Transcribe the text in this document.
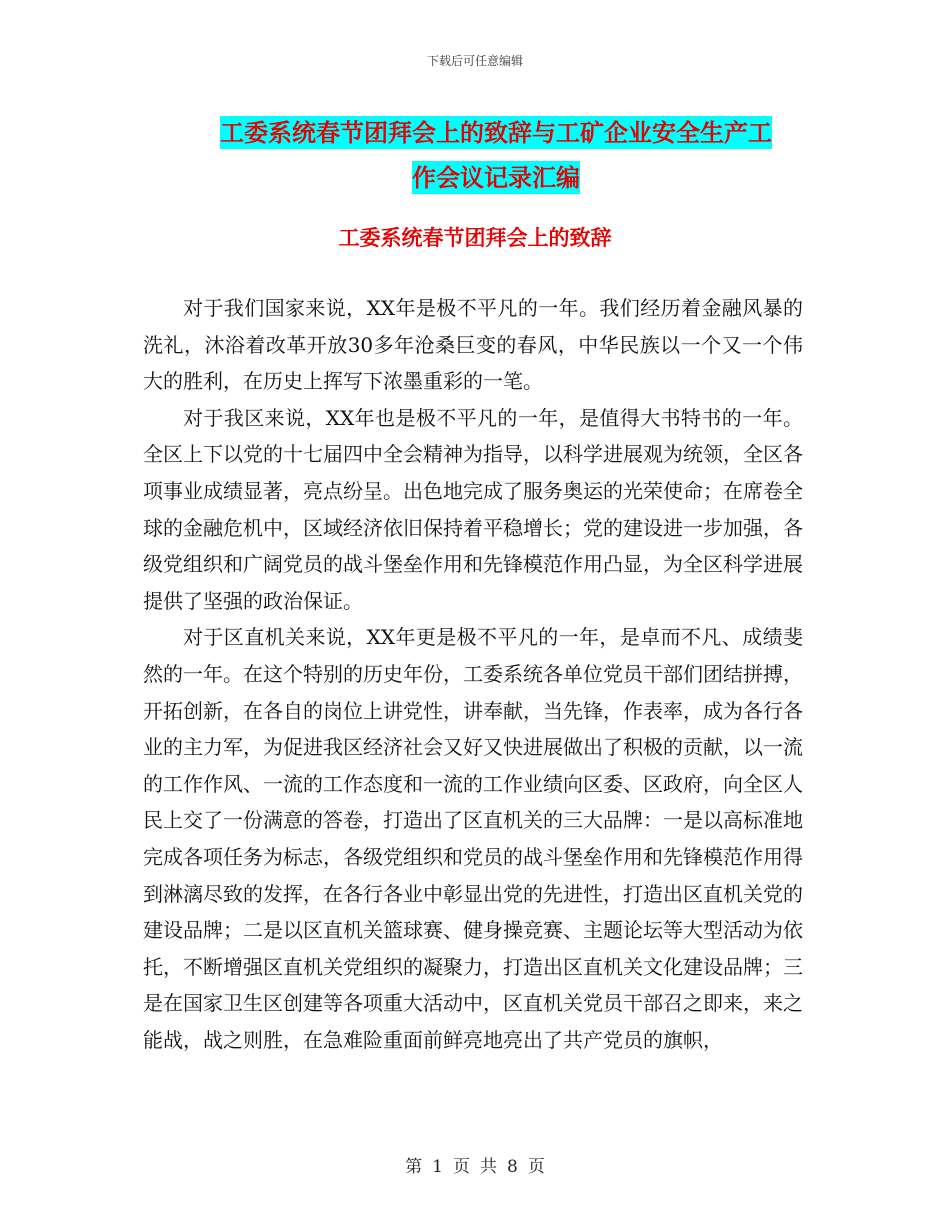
下载后可任意编辑
工委系统春节团拜会上的致辞与工矿企业安全生产工
作会议记录汇编
工委系统春节团拜会上的致辞

对于我们国家来说，XX年是极不平凡的一年。我们经历着金融风暴的洗礼，沐浴着改革开放30多年沧桑巨变的春风，中华民族以一个又一个伟大的胜利，在历史上挥写下浓墨重彩的一笔。

对于我区来说，XX年也是极不平凡的一年，是值得大书特书的一年。全区上下以党的十七届四中全会精神为指导，以科学进展观为统领，全区各项事业成绩显著，亮点纷呈。出色地完成了服务奥运的光荣使命；在席卷全球的金融危机中，区域经济依旧保持着平稳增长；党的建设进一步加强，各级党组织和广阔党员的战斗堡垒作用和先锋模范作用凸显，为全区科学进展提供了坚强的政治保证。

对于区直机关来说，XX年更是极不平凡的一年，是卓而不凡、成绩斐然的一年。在这个特别的历史年份，工委系统各单位党员干部们团结拼搏，开拓创新，在各自的岗位上讲党性，讲奉献，当先锋，作表率，成为各行各业的主力军，为促进我区经济社会又好又快进展做出了积极的贡献，以一流的工作作风、一流的工作态度和一流的工作业绩向区委、区政府，向全区人民上交了一份满意的答卷，打造出了区直机关的三大品牌：一是以高标准地完成各项任务为标志，各级党组织和党员的战斗堡垒作用和先锋模范作用得到淋漓尽致的发挥，在各行各业中彰显出党的先进性，打造出区直机关党的建设品牌；二是以区直机关篮球赛、健身操竞赛、主题论坛等大型活动为依托，不断增强区直机关党组织的凝聚力，打造出区直机关文化建设品牌；三是在国家卫生区创建等各项重大活动中，区直机关党员干部召之即来，来之能战，战之则胜，在急难险重面前鲜亮地亮出了共产党员的旗帜，

第 1 页 共 8 页
